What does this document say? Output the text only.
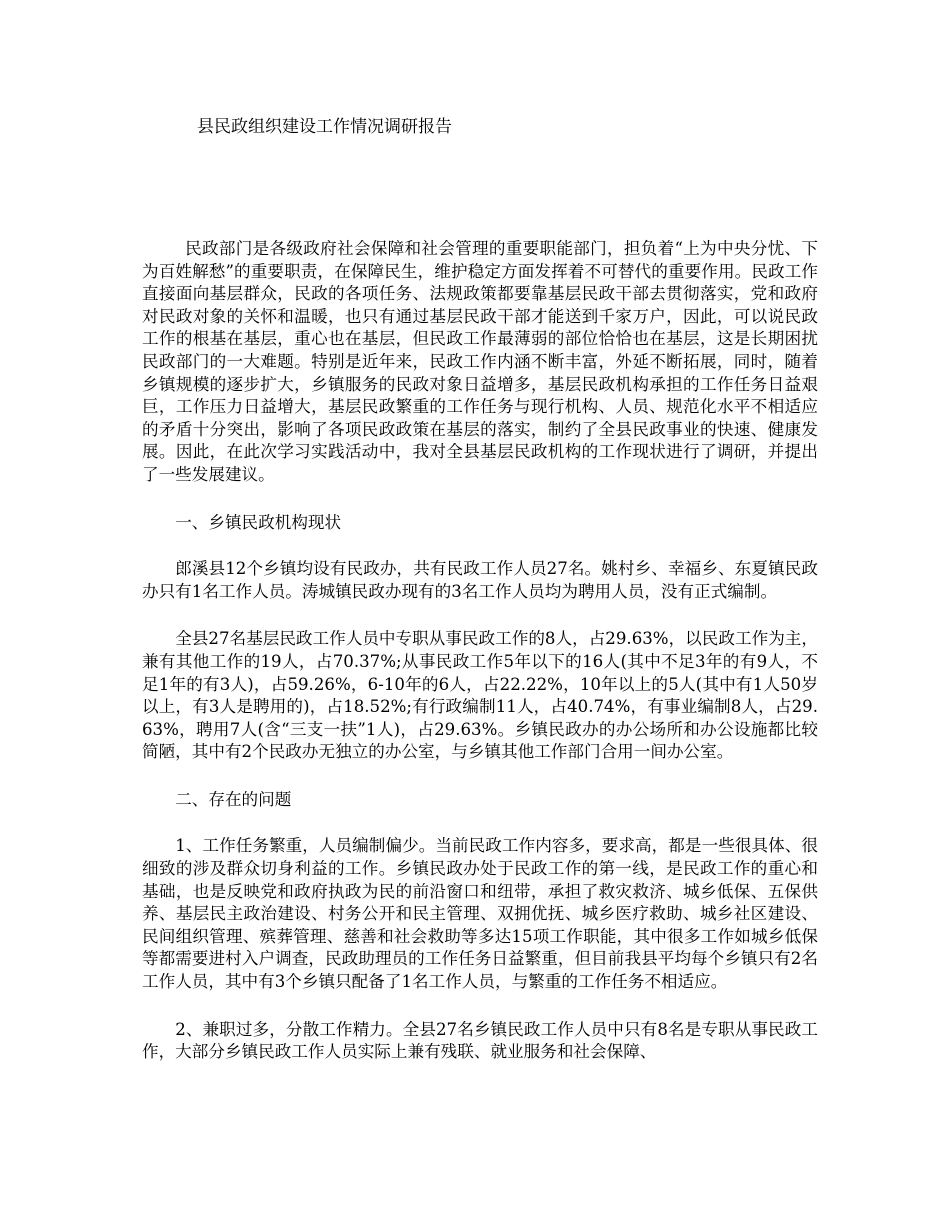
县民政组织建设工作情况调研报告

民政部门是各级政府社会保障和社会管理的重要职能部门，担负着“上为中央分忧、下为百姓解愁”的重要职责，在保障民生，维护稳定方面发挥着不可替代的重要作用。民政工作直接面向基层群众，民政的各项任务、法规政策都要靠基层民政干部去贯彻落实，党和政府对民政对象的关怀和温暖，也只有通过基层民政干部才能送到千家万户，因此，可以说民政工作的根基在基层，重心也在基层，但民政工作最薄弱的部位恰恰也在基层，这是长期困扰民政部门的一大难题。特别是近年来，民政工作内涵不断丰富，外延不断拓展，同时，随着乡镇规模的逐步扩大，乡镇服务的民政对象日益增多，基层民政机构承担的工作任务日益艰巨，工作压力日益增大，基层民政繁重的工作任务与现行机构、人员、规范化水平不相适应的矛盾十分突出，影响了各项民政政策在基层的落实，制约了全县民政事业的快速、健康发展。因此，在此次学习实践活动中，我对全县基层民政机构的工作现状进行了调研，并提出了一些发展建议。

一、乡镇民政机构现状

郎溪县12个乡镇均设有民政办，共有民政工作人员27名。姚村乡、幸福乡、东夏镇民政办只有1名工作人员。涛城镇民政办现有的3名工作人员均为聘用人员，没有正式编制。

全县27名基层民政工作人员中专职从事民政工作的8人，占29.63%，以民政工作为主，兼有其他工作的19人，占70.37%;从事民政工作5年以下的16人(其中不足3年的有9人，不足1年的有3人)，占59.26%，6-10年的6人，占22.22%，10年以上的5人(其中有1人50岁以上，有3人是聘用的)，占18.52%;有行政编制11人，占40.74%，有事业编制8人，占29.63%，聘用7人(含“三支一扶”1人)，占29.63%。乡镇民政办的办公场所和办公设施都比较简陋，其中有2个民政办无独立的办公室，与乡镇其他工作部门合用一间办公室。

二、存在的问题

1、工作任务繁重，人员编制偏少。当前民政工作内容多，要求高，都是一些很具体、很细致的涉及群众切身利益的工作。乡镇民政办处于民政工作的第一线，是民政工作的重心和基础，也是反映党和政府执政为民的前沿窗口和纽带，承担了救灾救济、城乡低保、五保供养、基层民主政治建设、村务公开和民主管理、双拥优抚、城乡医疗救助、城乡社区建设、民间组织管理、殡葬管理、慈善和社会救助等多达15项工作职能，其中很多工作如城乡低保等都需要进村入户调查，民政助理员的工作任务日益繁重，但目前我县平均每个乡镇只有2名工作人员，其中有3个乡镇只配备了1名工作人员，与繁重的工作任务不相适应。

2、兼职过多，分散工作精力。全县27名乡镇民政工作人员中只有8名是专职从事民政工作，大部分乡镇民政工作人员实际上兼有残联、就业服务和社会保障、
